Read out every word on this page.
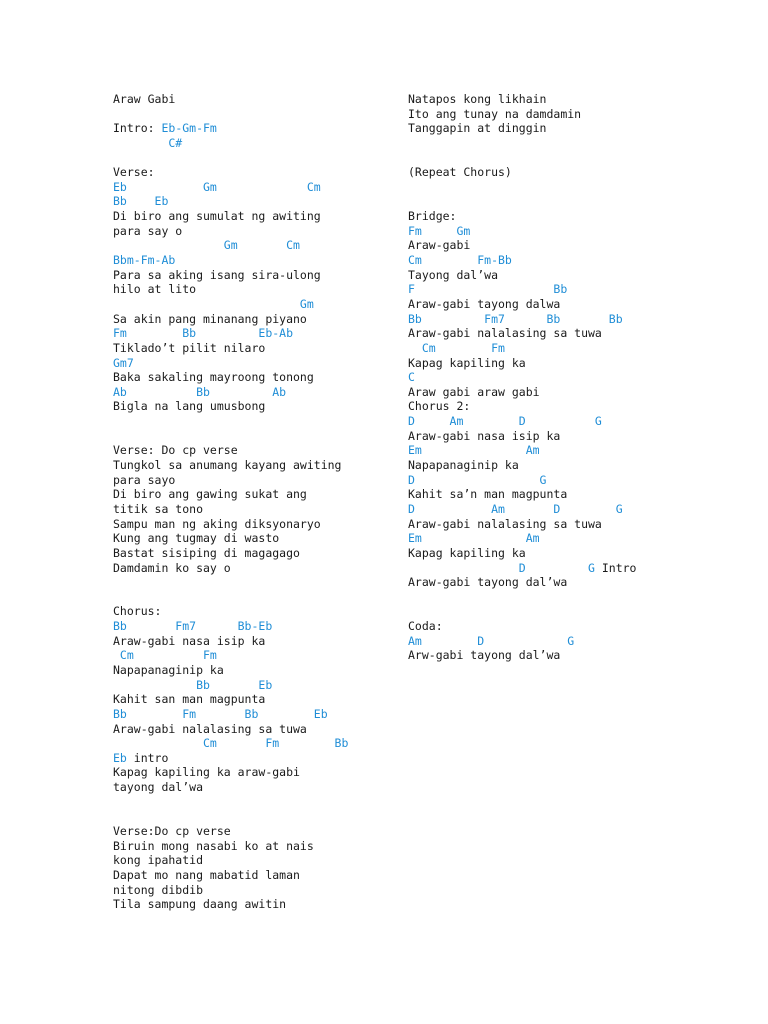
Araw Gabi
Intro: Eb-Gm-Fm
C#
Verse:
Eb           Gm             Cm
Bb    Eb
Di biro ang sumulat ng awiting
para say o
Gm       Cm
Bbm-Fm-Ab
Para sa aking isang sira-ulong
hilo at lito
Gm
Sa akin pang minanang piyano
Fm        Bb         Eb-Ab
Tiklado’t pilit nilaro
Gm7
Baka sakaling mayroong tonong
Ab          Bb         Ab
Bigla na lang umusbong
Verse: Do cp verse
Tungkol sa anumang kayang awiting
para sayo
Di biro ang gawing sukat ang
titik sa tono
Sampu man ng aking diksyonaryo
Kung ang tugmay di wasto
Bastat sisiping di magagago
Damdamin ko say o
Chorus:
Bb       Fm7      Bb-Eb
Araw-gabi nasa isip ka
Cm          Fm
Napapanaginip ka
Bb       Eb
Kahit san man magpunta
Bb        Fm       Bb        Eb
Araw-gabi nalalasing sa tuwa
Cm       Fm        Bb
Eb intro
Kapag kapiling ka araw-gabi
tayong dal’wa
Verse:Do cp verse
Biruin mong nasabi ko at nais
kong ipahatid
Dapat mo nang mabatid laman
nitong dibdib
Tila sampung daang awitin
Natapos kong likhain
Ito ang tunay na damdamin
Tanggapin at dinggin
(Repeat Chorus)
Bridge:
Fm     Gm
Araw-gabi
Cm        Fm-Bb
Tayong dal’wa
F                    Bb
Araw-gabi tayong dalwa
Bb         Fm7      Bb       Bb
Araw-gabi nalalasing sa tuwa
Cm        Fm
Kapag kapiling ka
C
Araw gabi araw gabi
Chorus 2:
D     Am        D          G
Araw-gabi nasa isip ka
Em               Am
Napapanaginip ka
D                  G
Kahit sa’n man magpunta
D           Am       D        G
Araw-gabi nalalasing sa tuwa
Em               Am
Kapag kapiling ka
D         G Intro
Araw-gabi tayong dal’wa
Coda:
Am        D            G
Arw-gabi tayong dal’wa
